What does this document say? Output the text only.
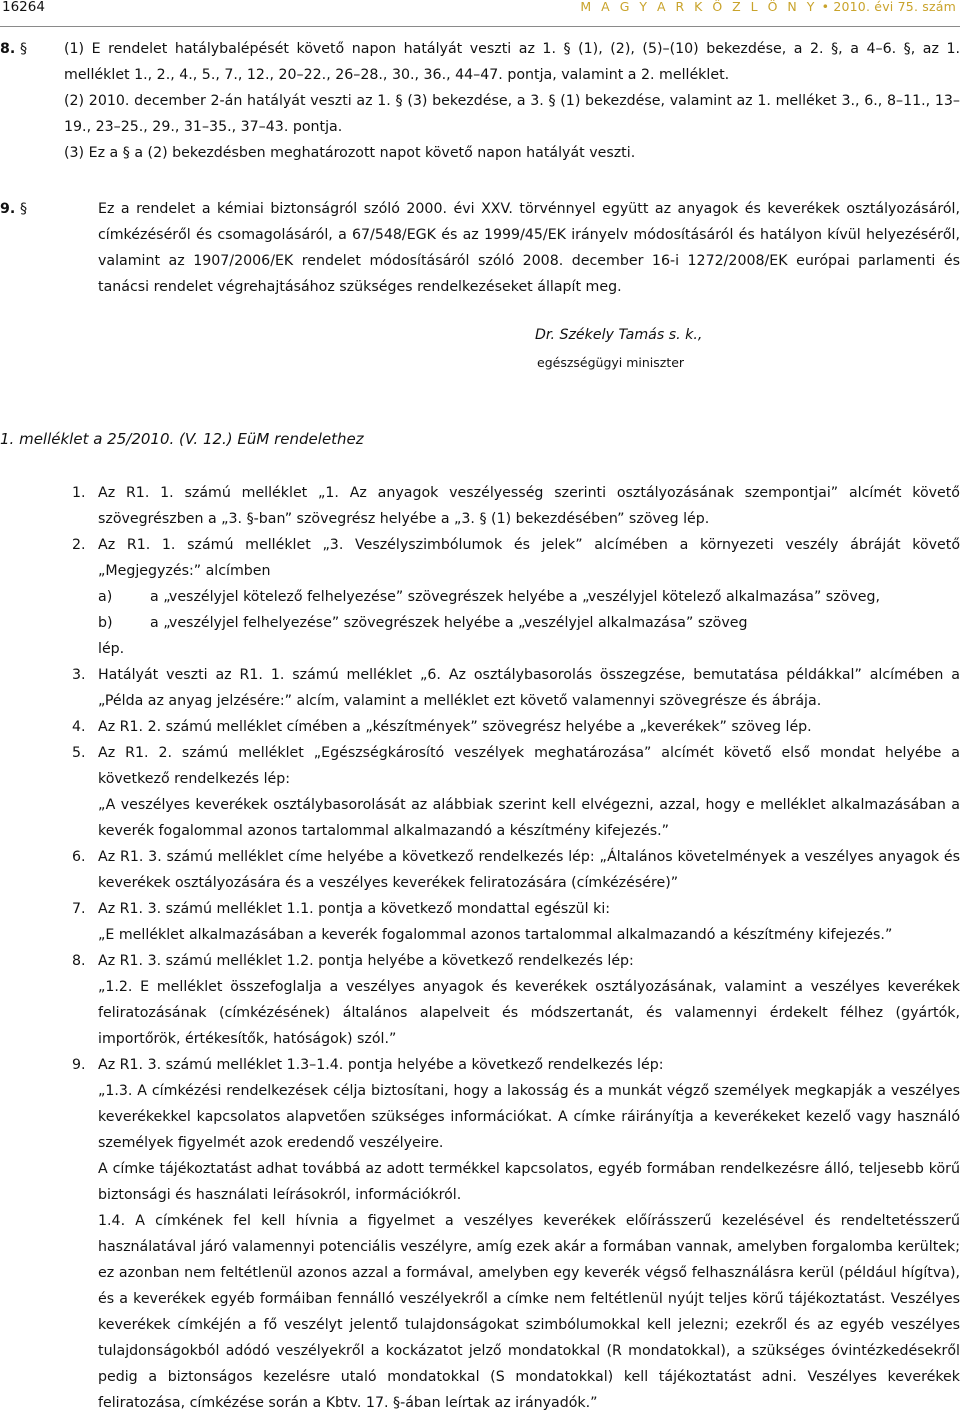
16264	M A G Y A R K Ö Z L Ö N Y • 2010. évi 75. szám
8. §	(1) E rendelet hatálybalépését követő napon hatályát veszti az 1. § (1), (2), (5)–(10) bekezdése, a 2. §, a 4–6. §, az 1. melléklet 1., 2., 4., 5., 7., 12., 20–22., 26–28., 30., 36., 44–47. pontja, valamint a 2. melléklet.

(2) 2010. december 2-án hatályát veszti az 1. § (3) bekezdése, a 3. § (1) bekezdése, valamint az 1. melléket 3., 6., 8–11., 13–19., 23–25., 29., 31–35., 37–43. pontja.

(3) Ez a § a (2) bekezdésben meghatározott napot követő napon hatályát veszti.

9. §	Ez a rendelet a kémiai biztonságról szóló 2000. évi XXV. törvénnyel együtt az anyagok és keverékek osztályozásáról, címkézéséről és csomagolásáról, a 67/548/EGK és az 1999/45/EK irányelv módosításáról és hatályon kívül helyezéséről, valamint az 1907/2006/EK rendelet módosításáról szóló 2008. december 16-i 1272/2008/EK európai parlamenti és tanácsi rendelet végrehajtásához szükséges rendelkezéseket állapít meg.
Dr. Székely Tamás s. k.,
egészségügyi miniszter
1. melléklet a 25/2010. (V. 12.) EüM rendelethez
1. Az R1. 1. számú melléklet „1. Az anyagok veszélyesség szerinti osztályozásának szempontjai” alcímét követő szövegrészben a „3. §-ban” szövegrész helyébe a „3. § (1) bekezdésében” szöveg lép.
2. Az R1. 1. számú melléklet „3. Veszélyszimbólumok és jelek” alcímében a környezeti veszély ábráját követő „Megjegyzés:” alcímben
a)	a „veszélyjel kötelező felhelyezése” szövegrészek helyébe a „veszélyjel kötelező alkalmazása” szöveg,
b)	a „veszélyjel felhelyezése” szövegrészek helyébe a „veszélyjel alkalmazása” szöveg
lép.
3. Hatályát veszti az R1. 1. számú melléklet „6. Az osztálybasorolás összegzése, bemutatása példákkal” alcímében a „Példa az anyag jelzésére:” alcím, valamint a melléklet ezt követő valamennyi szövegrésze és ábrája.
4. Az R1. 2. számú melléklet címében a „készítmények” szövegrész helyébe a „keverékek” szöveg lép.
5. Az R1. 2. számú melléklet „Egészségkárosító veszélyek meghatározása” alcímét követő első mondat helyébe a következő rendelkezés lép:
„A veszélyes keverékek osztálybasorolását az alábbiak szerint kell elvégezni, azzal, hogy e melléklet alkalmazásában a keverék fogalommal azonos tartalommal alkalmazandó a készítmény kifejezés.”
6. Az R1. 3. számú melléklet címe helyébe a következő rendelkezés lép: „Általános követelmények a veszélyes anyagok és keverékek osztályozására és a veszélyes keverékek feliratozására (címkézésére)”
7. Az R1. 3. számú melléklet 1.1. pontja a következő mondattal egészül ki:
„E melléklet alkalmazásában a keverék fogalommal azonos tartalommal alkalmazandó a készítmény kifejezés.”
8. Az R1. 3. számú melléklet 1.2. pontja helyébe a következő rendelkezés lép:
„1.2. E melléklet összefoglalja a veszélyes anyagok és keverékek osztályozásának, valamint a veszélyes keverékek feliratozásának (címkézésének) általános alapelveit és módszertanát, és valamennyi érdekelt félhez (gyártók, importőrök, értékesítők, hatóságok) szól.”
9. Az R1. 3. számú melléklet 1.3–1.4. pontja helyébe a következő rendelkezés lép:
„1.3. A címkézési rendelkezések célja biztosítani, hogy a lakosság és a munkát végző személyek megkapják a veszélyes keverékekkel kapcsolatos alapvetően szükséges információkat. A címke ráirányítja a keverékeket kezelő vagy használó személyek figyelmét azok eredendő veszélyeire.
A címke tájékoztatást adhat továbbá az adott termékkel kapcsolatos, egyéb formában rendelkezésre álló, teljesebb körű biztonsági és használati leírásokról, információkról.
1.4. A címkének fel kell hívnia a figyelmet a veszélyes keverékek előírásszerű kezelésével és rendeltetésszerű használatával járó valamennyi potenciális veszélyre, amíg ezek akár a formában vannak, amelyben forgalomba kerültek; ez azonban nem feltétlenül azonos azzal a formával, amelyben egy keverék végső felhasználásra kerül (például hígítva), és a keverékek egyéb formáiban fennálló veszélyekről a címke nem feltétlenül nyújt teljes körű tájékoztatást. Veszélyes keverékek címkéjén a fő veszélyt jelentő tulajdonságokat szimbólumokkal kell jelezni; ezekről és az egyéb veszélyes tulajdonságokból adódó veszélyekről a kockázatot jelző mondatokkal (R mondatokkal), a szükséges óvintézkedésekről pedig a biztonságos kezelésre utaló mondatokkal (S mondatokkal) kell tájékoztatást adni. Veszélyes keverékek feliratozása, címkézése során a Kbtv. 17. §-ában leírtak az irányadók.”
